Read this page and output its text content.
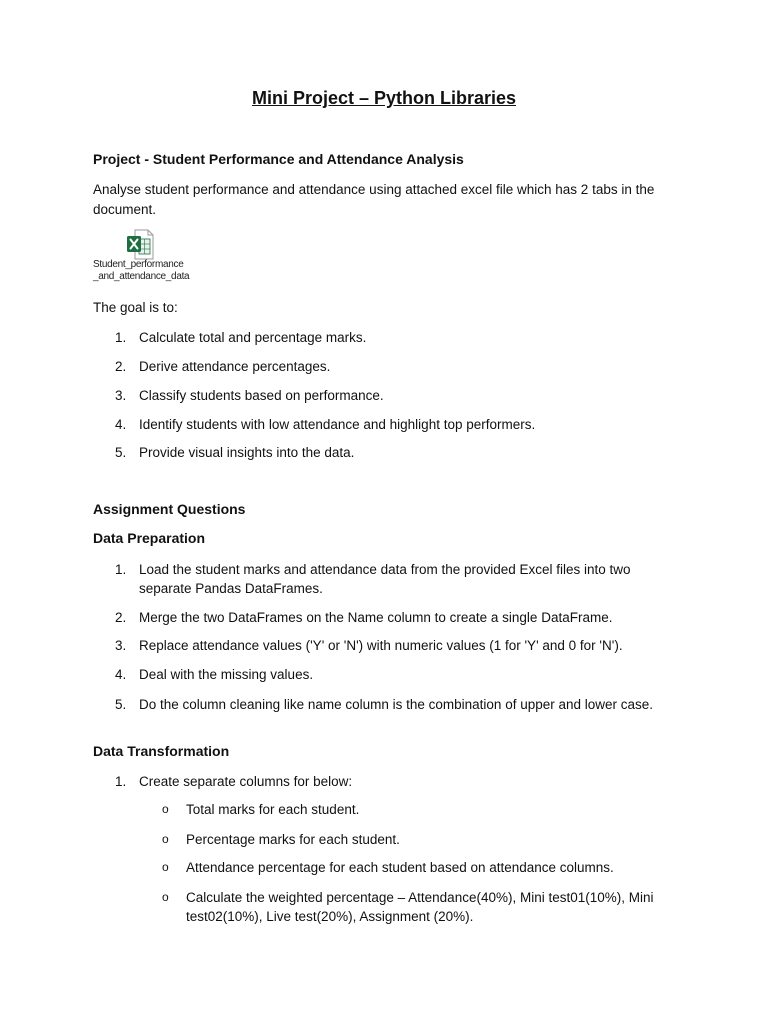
Mini Project – Python Libraries
Project - Student Performance and Attendance Analysis
Analyse student performance and attendance using attached excel file which has 2 tabs in the document.
Student_performance
_and_attendance_data
The goal is to:
1. Calculate total and percentage marks.
2. Derive attendance percentages.
3. Classify students based on performance.
4. Identify students with low attendance and highlight top performers.
5. Provide visual insights into the data.
Assignment Questions
Data Preparation
1. Load the student marks and attendance data from the provided Excel files into two separate Pandas DataFrames.
2. Merge the two DataFrames on the Name column to create a single DataFrame.
3. Replace attendance values ('Y' or 'N') with numeric values (1 for 'Y' and 0 for 'N').
4. Deal with the missing values.
5. Do the column cleaning like name column is the combination of upper and lower case.
Data Transformation
1. Create separate columns for below:
o Total marks for each student.
o Percentage marks for each student.
o Attendance percentage for each student based on attendance columns.
o Calculate the weighted percentage – Attendance(40%), Mini test01(10%), Mini test02(10%), Live test(20%), Assignment (20%).
